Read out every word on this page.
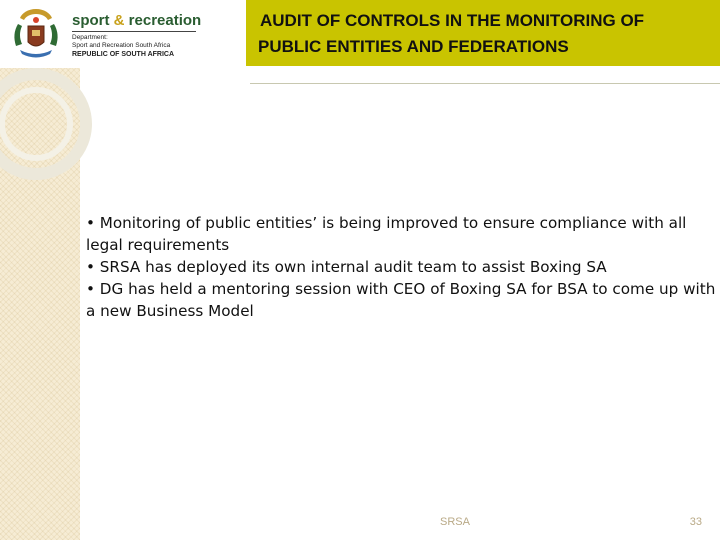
sport & recreation
Department:
Sport and Recreation South Africa
REPUBLIC OF SOUTH AFRICA
AUDIT OF CONTROLS IN THE MONITORING OF
PUBLIC ENTITIES AND FEDERATIONS

• Monitoring of public entities’ is being improved to ensure compliance with all legal requirements

• SRSA has deployed its own internal audit team to assist Boxing SA

• DG has held a mentoring session with CEO of Boxing SA for BSA to come up with a new Business Model

SRSA	33
